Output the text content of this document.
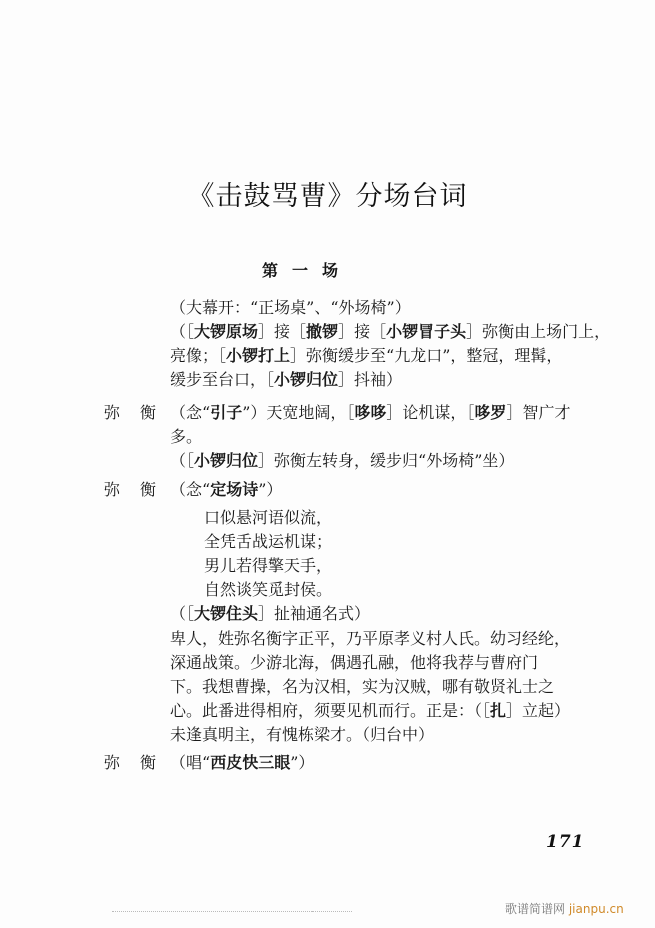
《击鼓骂曹》分场台词
第一场
（大幕开：“正场桌”、“外场椅”）
（［大锣原场］接［撤锣］接［小锣冒子头］弥衡由上场门上，
亮像；［小锣打上］弥衡缓步至“九龙口”，整冠，理髯，
缓步至台口，［小锣归位］抖袖）
弥衡
（念“引子”）天宽地阔，［哆哆］论机谋，［哆罗］智广才
多。
（［小锣归位］弥衡左转身，缓步归“外场椅”坐）
弥衡
（念“定场诗”）
口似悬河语似流，
全凭舌战运机谋；
男儿若得擎天手，
自然谈笑觅封侯。
（［大锣住头］扯袖通名式）
卑人，姓弥名衡字正平，乃平原孝义村人氏。幼习经纶，
深通战策。少游北海，偶遇孔融，他将我荐与曹府门
下。我想曹操，名为汉相，实为汉贼，哪有敬贤礼士之
心。此番进得相府，须要见机而行。正是：（［扎］立起）
未逢真明主，有愧栋梁才。（归台中）
弥衡
（唱“西皮快三眼”）
171
歌谱简谱网 jianpu.cn
